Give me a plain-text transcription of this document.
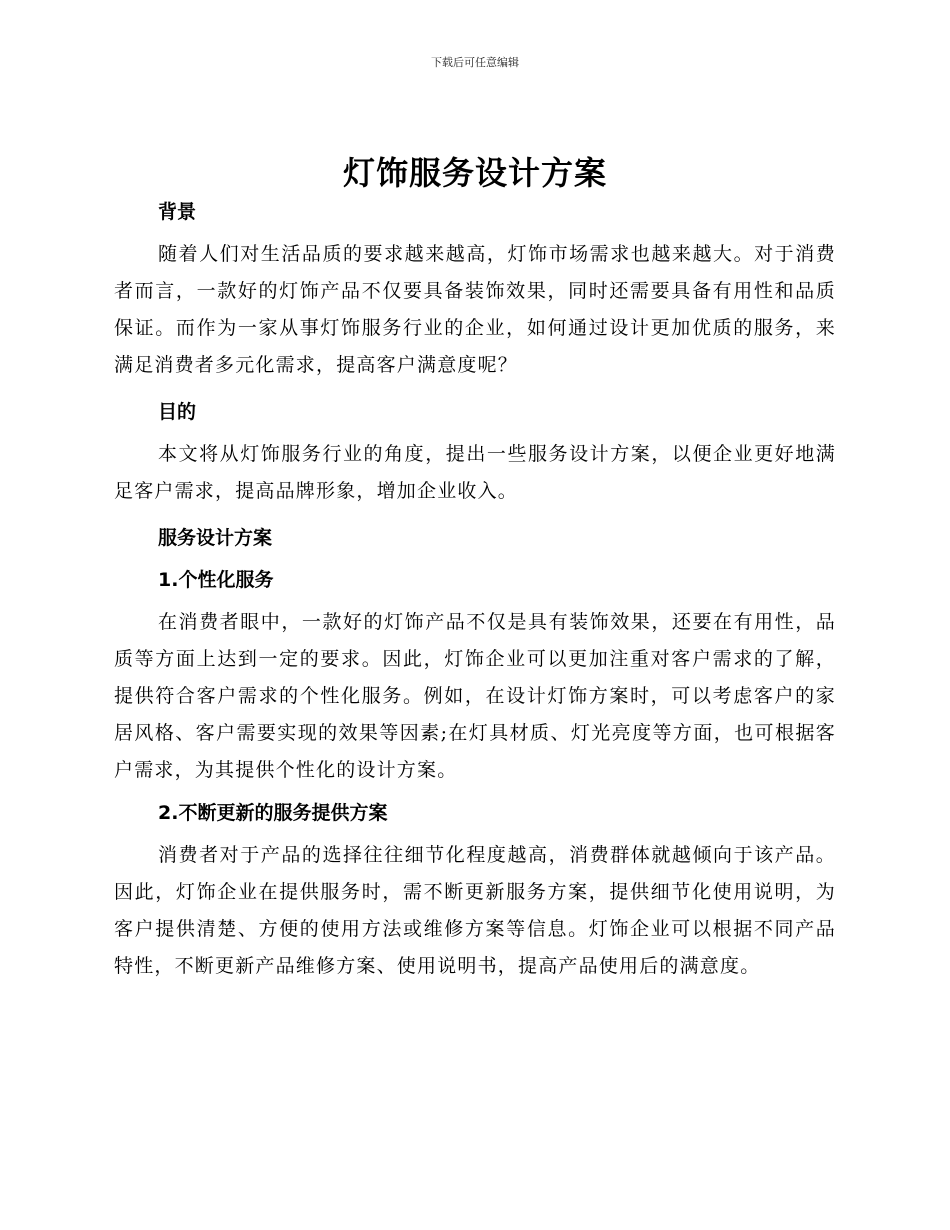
下载后可任意编辑
灯饰服务设计方案
背景

随着人们对生活品质的要求越来越高，灯饰市场需求也越来越大。对于消费者而言，一款好的灯饰产品不仅要具备装饰效果，同时还需要具备有用性和品质保证。而作为一家从事灯饰服务行业的企业，如何通过设计更加优质的服务，来满足消费者多元化需求，提高客户满意度呢？

目的

本文将从灯饰服务行业的角度，提出一些服务设计方案，以便企业更好地满足客户需求，提高品牌形象，增加企业收入。

服务设计方案
1.个性化服务

在消费者眼中，一款好的灯饰产品不仅是具有装饰效果，还要在有用性，品质等方面上达到一定的要求。因此，灯饰企业可以更加注重对客户需求的了解，提供符合客户需求的个性化服务。例如，在设计灯饰方案时，可以考虑客户的家居风格、客户需要实现的效果等因素;在灯具材质、灯光亮度等方面，也可根据客户需求，为其提供个性化的设计方案。

2.不断更新的服务提供方案

消费者对于产品的选择往往细节化程度越高，消费群体就越倾向于该产品。因此，灯饰企业在提供服务时，需不断更新服务方案，提供细节化使用说明，为客户提供清楚、方便的使用方法或维修方案等信息。灯饰企业可以根据不同产品特性，不断更新产品维修方案、使用说明书，提高产品使用后的满意度。
